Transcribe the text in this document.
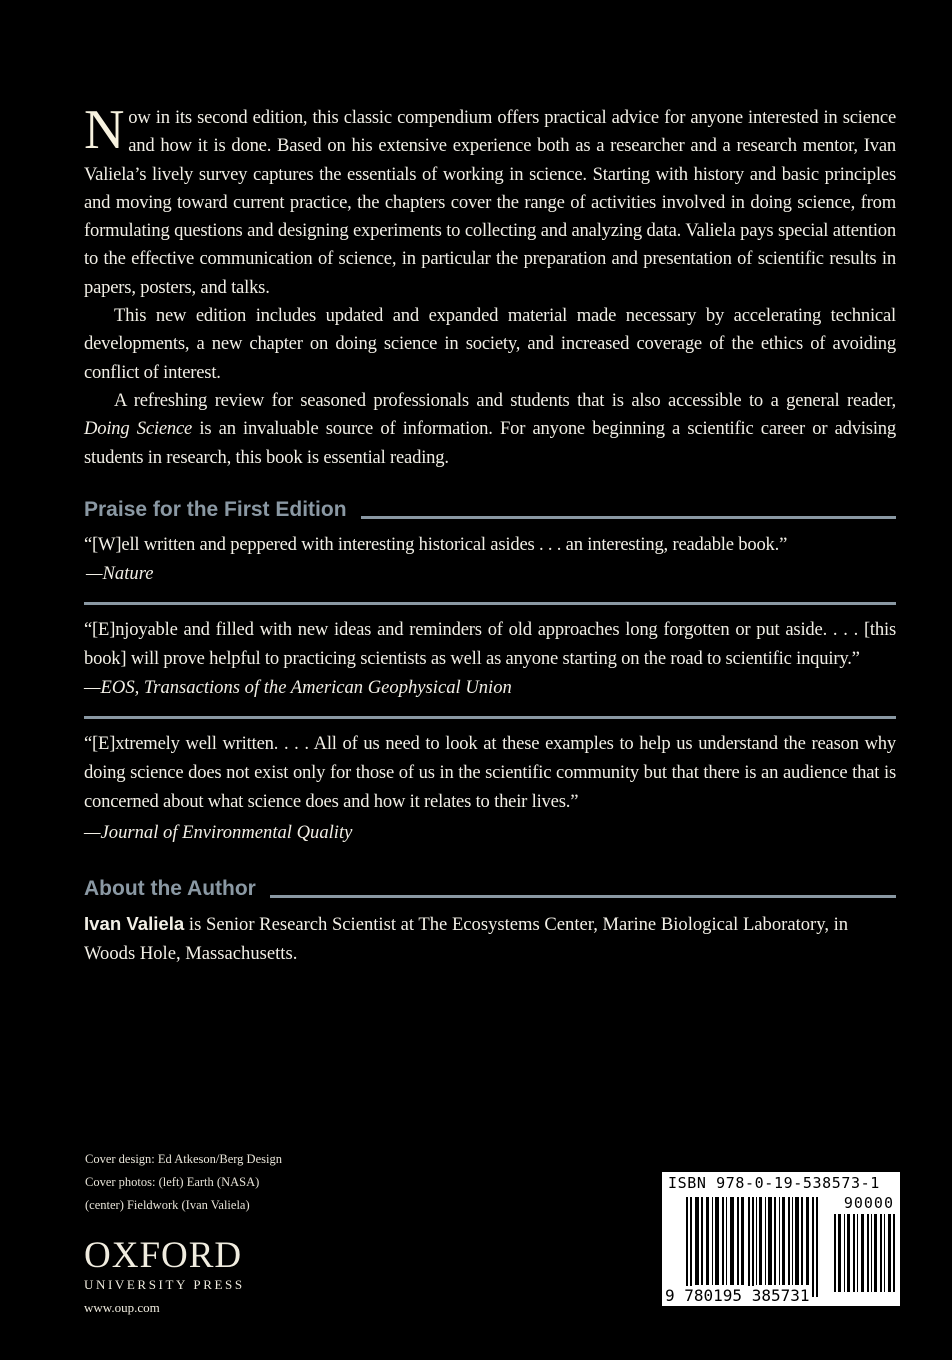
Now in its second edition, this classic compendium offers practical advice for anyone interested in science and how it is done. Based on his extensive experience both as a researcher and a research mentor, Ivan Valiela’s lively survey captures the essentials of working in science. Starting with history and basic principles and moving toward current practice, the chapters cover the range of activities involved in doing science, from formulating questions and designing experiments to collecting and analyzing data. Valiela pays special attention to the effective communication of science, in particular the preparation and presentation of scientific results in papers, posters, and talks.

This new edition includes updated and expanded material made necessary by accelerating technical developments, a new chapter on doing science in society, and increased coverage of the ethics of avoiding conflict of interest.

A refreshing review for seasoned professionals and students that is also accessible to a general reader, Doing Science is an invaluable source of information. For anyone beginning a scientific career or advising students in research, this book is essential reading.

Praise for the First Edition

“[W]ell written and peppered with interesting historical asides . . . an interesting, readable book.”

—Nature

“[E]njoyable and filled with new ideas and reminders of old approaches long forgotten or put aside. . . . [this book] will prove helpful to practicing scientists as well as anyone starting on the road to scientific inquiry.”

—EOS, Transactions of the American Geophysical Union

“[E]xtremely well written. . . . All of us need to look at these examples to help us understand the reason why doing science does not exist only for those of us in the scientific community but that there is an audience that is concerned about what science does and how it relates to their lives.”

—Journal of Environmental Quality

About the Author

Ivan Valiela is Senior Research Scientist at The Ecosystems Center, Marine Biological Laboratory, in Woods Hole, Massachusetts.

Cover design: Ed Atkeson/Berg Design
Cover photos: (left) Earth (NASA)
(center) Fieldwork (Ivan Valiela)
OXFORD
UNIVERSITY PRESS
www.oup.com
ISBN 978-0-19-538573-1
90000
9 780195 385731
